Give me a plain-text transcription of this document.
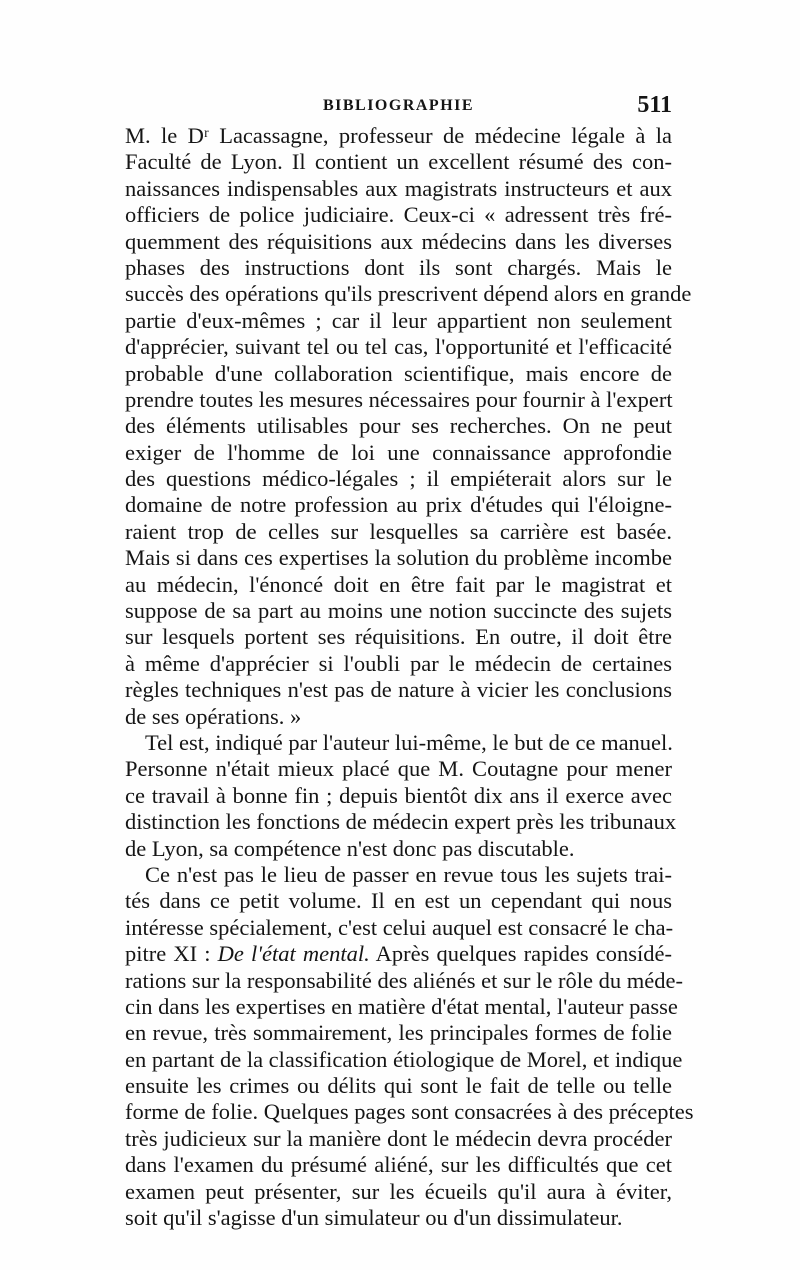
BIBLIOGRAPHIE	511

M. le Dʳ Lacassagne, professeur de médecine légale à la
Faculté de Lyon. Il contient un excellent résumé des con-
naissances indispensables aux magistrats instructeurs et aux
officiers de police judiciaire. Ceux-ci « adressent très fré-
quemment des réquisitions aux médecins dans les diverses
phases des instructions dont ils sont chargés. Mais le
succès des opérations qu'ils prescrivent dépend alors en grande
partie d'eux-mêmes ; car il leur appartient non seulement
d'apprécier, suivant tel ou tel cas, l'opportunité et l'efficacité
probable d'une collaboration scientifique, mais encore de
prendre toutes les mesures nécessaires pour fournir à l'expert
des éléments utilisables pour ses recherches. On ne peut
exiger de l'homme de loi une connaissance approfondie
des questions médico-légales ; il empiéterait alors sur le
domaine de notre profession au prix d'études qui l'éloigne-
raient trop de celles sur lesquelles sa carrière est basée.
Mais si dans ces expertises la solution du problème incombe
au médecin, l'énoncé doit en être fait par le magistrat et
suppose de sa part au moins une notion succincte des sujets
sur lesquels portent ses réquisitions. En outre, il doit être
à même d'apprécier si l'oubli par le médecin de certaines
règles techniques n'est pas de nature à vicier les conclusions
de ses opérations. »

Tel est, indiqué par l'auteur lui-même, le but de ce manuel.
Personne n'était mieux placé que M. Coutagne pour mener
ce travail à bonne fin ; depuis bientôt dix ans il exerce avec
distinction les fonctions de médecin expert près les tribunaux
de Lyon, sa compétence n'est donc pas discutable.

Ce n'est pas le lieu de passer en revue tous les sujets trai-
tés dans ce petit volume. Il en est un cependant qui nous
intéresse spécialement, c'est celui auquel est consacré le cha-
pitre XI : De l'état mental. Après quelques rapides consídé-
rations sur la responsabilité des aliénés et sur le rôle du méde-
cin dans les expertises en matière d'état mental, l'auteur passe
en revue, très sommairement, les principales formes de folie
en partant de la classification étiologique de Morel, et indique
ensuite les crimes ou délits qui sont le fait de telle ou telle
forme de folie. Quelques pages sont consacrées à des préceptes
très judicieux sur la manière dont le médecin devra procéder
dans l'examen du présumé aliéné, sur les difficultés que cet
examen peut présenter, sur les écueils qu'il aura à éviter,
soit qu'il s'agisse d'un simulateur ou d'un dissimulateur.
